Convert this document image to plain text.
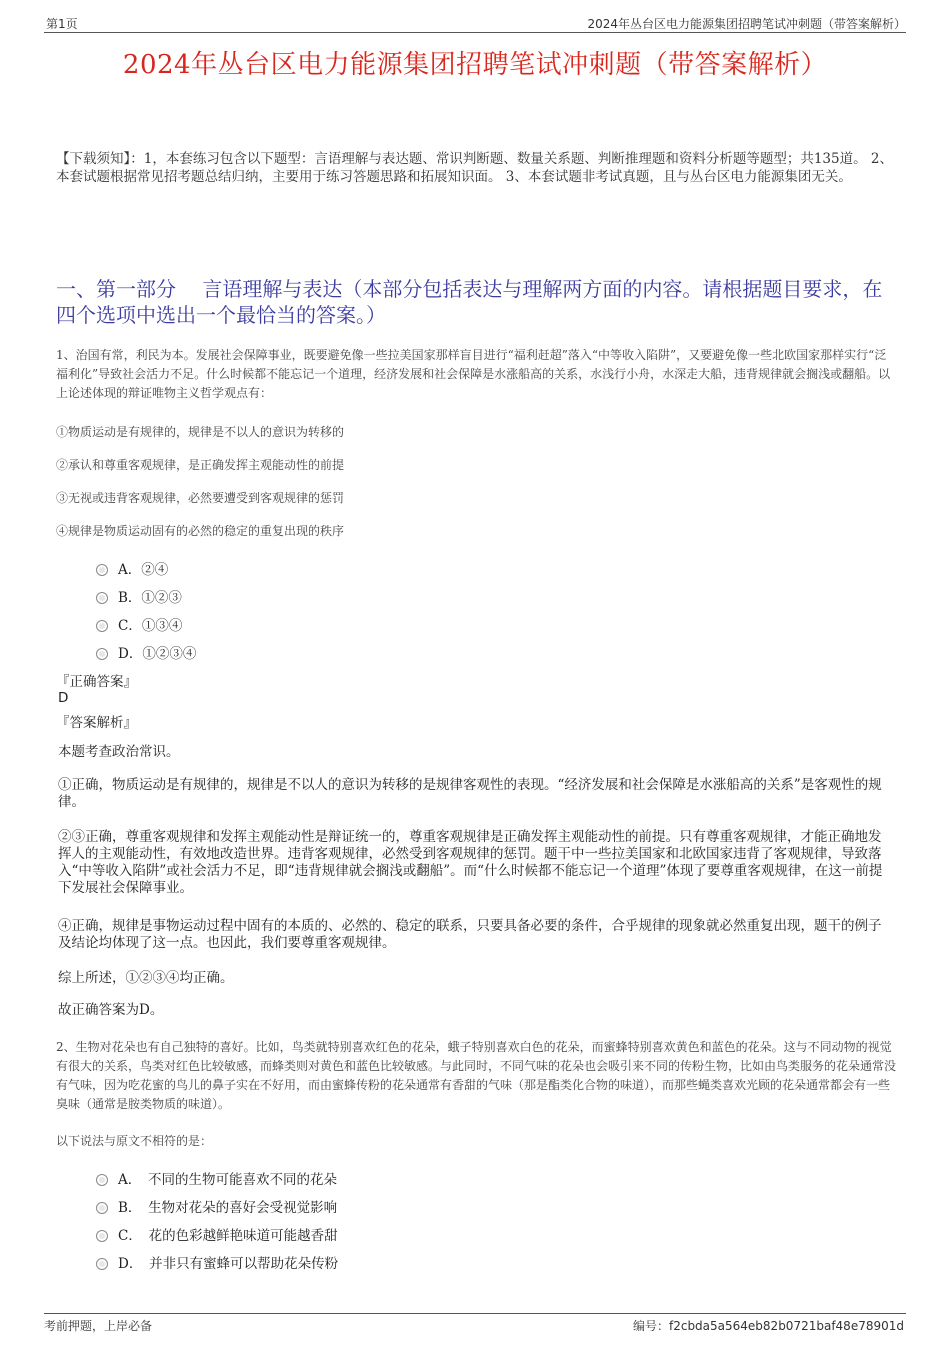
第1页	2024年丛台区电力能源集团招聘笔试冲刺题（带答案解析）
2024年丛台区电力能源集团招聘笔试冲刺题（带答案解析）
【下载须知】：1，本套练习包含以下题型：言语理解与表达题、常识判断题、数量关系题、判断推理题和资料分析题等题型；共135道。 2、本套试题根据常见招考题总结归纳，主要用于练习答题思路和拓展知识面。 3、本套试题非考试真题，且与丛台区电力能源集团无关。
一、第一部分　 言语理解与表达（本部分包括表达与理解两方面的内容。请根据题目要求，在四个选项中选出一个最恰当的答案。）
1、治国有常，利民为本。发展社会保障事业，既要避免像一些拉美国家那样盲目进行“福利赶超”落入“中等收入陷阱”，又要避免像一些北欧国家那样实行“泛福利化”导致社会活力不足。什么时候都不能忘记一个道理，经济发展和社会保障是水涨船高的关系，水浅行小舟，水深走大船，违背规律就会搁浅或翻船。以上论述体现的辩证唯物主义哲学观点有：
①物质运动是有规律的，规律是不以人的意识为转移的
②承认和尊重客观规律，是正确发挥主观能动性的前提
③无视或违背客观规律，必然要遭受到客观规律的惩罚
④规律是物质运动固有的必然的稳定的重复出现的秩序
A．②④
B．①②③
C．①③④
D．①②③④
『正确答案』
D
『答案解析』
本题考查政治常识。
①正确，物质运动是有规律的，规律是不以人的意识为转移的是规律客观性的表现。“经济发展和社会保障是水涨船高的关系”是客观性的规律。
②③正确，尊重客观规律和发挥主观能动性是辩证统一的，尊重客观规律是正确发挥主观能动性的前提。只有尊重客观规律，才能正确地发挥人的主观能动性，有效地改造世界。违背客观规律，必然受到客观规律的惩罚。题干中一些拉美国家和北欧国家违背了客观规律，导致落入“中等收入陷阱”或社会活力不足，即“违背规律就会搁浅或翻船”。而“什么时候都不能忘记一个道理”体现了要尊重客观规律，在这一前提下发展社会保障事业。
④正确，规律是事物运动过程中固有的本质的、必然的、稳定的联系，只要具备必要的条件，合乎规律的现象就必然重复出现，题干的例子及结论均体现了这一点。也因此，我们要尊重客观规律。
综上所述，①②③④均正确。
故正确答案为D。
2、生物对花朵也有自己独特的喜好。比如，鸟类就特别喜欢红色的花朵，蛾子特别喜欢白色的花朵，而蜜蜂特别喜欢黄色和蓝色的花朵。这与不同动物的视觉有很大的关系，鸟类对红色比较敏感，而蜂类则对黄色和蓝色比较敏感。与此同时，不同气味的花朵也会吸引来不同的传粉生物，比如由鸟类服务的花朵通常没有气味，因为吃花蜜的鸟儿的鼻子实在不好用，而由蜜蜂传粉的花朵通常有香甜的气味（那是酯类化合物的味道），而那些蝇类喜欢光顾的花朵通常都会有一些臭味（通常是胺类物质的味道）。
以下说法与原文不相符的是：
A．　不同的生物可能喜欢不同的花朵
B．　生物对花朵的喜好会受视觉影响
C．　花的色彩越鲜艳味道可能越香甜
D．　并非只有蜜蜂可以帮助花朵传粉
考前押题，上岸必备	编号：f2cbda5a564eb82b0721baf48e78901d
